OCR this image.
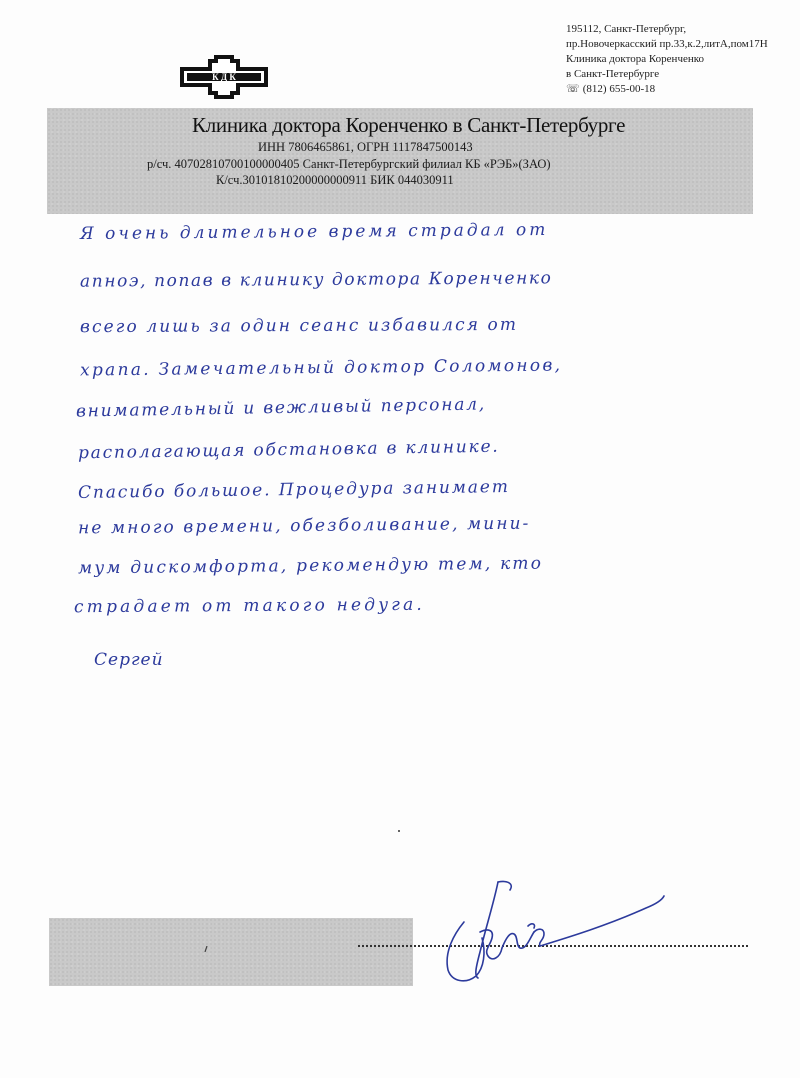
195112, Санкт-Петербург,
пр.Новочеркасский пр.33,к.2,литА,пом17Н
Клиника доктора Коренченко
в Санкт-Петербурге
☏ (812) 655-00-18
К Д К
Клиника доктора Коренченко в Санкт-Петербурге
ИНН 7806465861, ОГРН 1117847500143
р/сч. 40702810700100000405 Санкт-Петербургский филиал КБ «РЭБ»(ЗАО)
К/сч.30101810200000000911 БИК 044030911
Я очень длительное время страдал от
апноэ, попав в клинику доктора Коренченко
всего лишь за один сеанс избавился от
храпа. Замечательный доктор Соломонов,
внимательный и вежливый персонал,
располагающая обстановка в клинике.
Спасибо большое. Процедура занимает
не много времени, обезболивание, мини-
мум дискомфорта, рекомендую тем, кто
страдает от такого недуга.
Сергей
